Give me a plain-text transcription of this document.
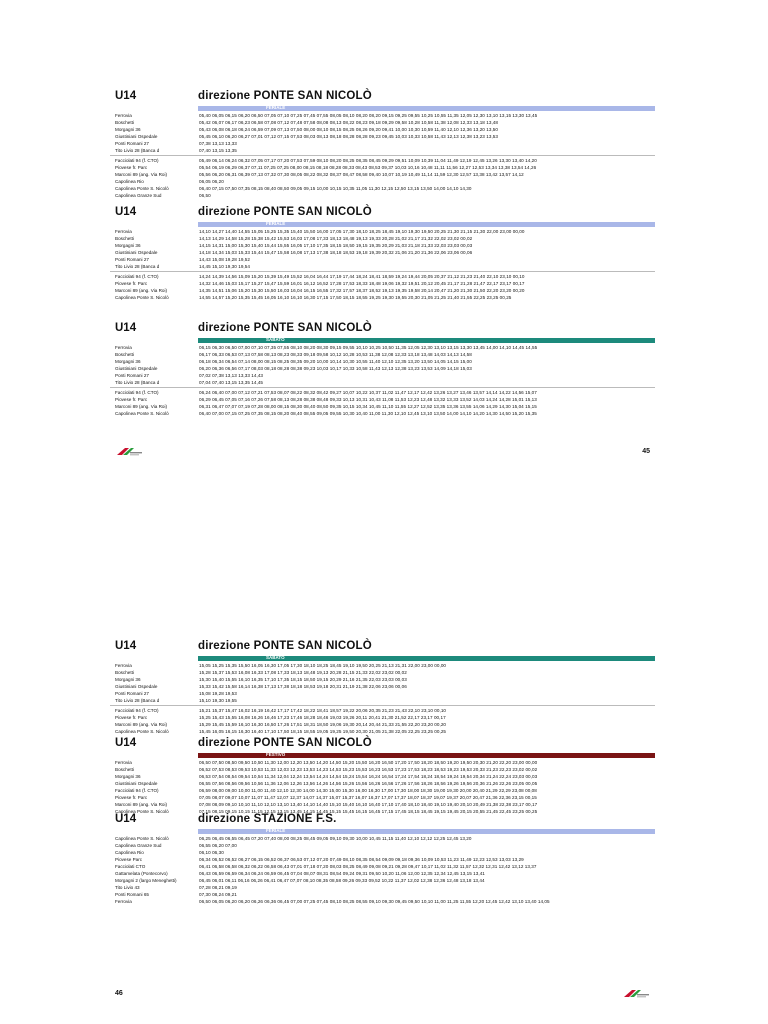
45
U14	direzione PONTE SAN NICOLÒ
FERIALE
Ferrovia	05,40 06,05 06,15 06,20 06,50 07,05 07,10 07,25 07,45 07,55 08,05 08,10 08,20 08,20 09,15 09,25 09,55 10,25 10,55 11,35 12,05 12,30 13,10 13,15 13,30 13,45
Boschetti	05,42 06,07 06,17 06,23 06,58 07,08 07,12 07,48 07,58 08,08 08,13 08,22 08,23 09,18 09,29 09,58 10,28 10,58 11,38 12,08 12,33 13,18 13,48
Morgagni 36	05,43 06,08 06,18 06,24 06,59 07,09 07,13 07,50 08,00 08,10 08,15 08,25 08,26 09,20 09,41 10,00 10,30 10,59 11,40 12,10 12,36 13,20 13,50
Giustiniani Ospedale	05,45 06,10 06,20 06,27 07,01 07,12 07,15 07,53 08,03 08,13 08,18 08,28 08,28 09,23 09,45 10,03 10,33 10,58 11,43 12,13 12,38 13,23 13,53
Ponti Romani 27	07,38 13,13 13,33
Tito Livio 28 (Banca d	07,40 13,15 13,35
Facciolati 94 (f. CTO)	05,49 06,14 06,24 06,32 07,05 07,17 07,20 07,53 07,59 08,10 08,20 08,25 08,35 08,45 09,29 09,51 10,09 10,39 11,04 11,49 12,19 12,45 13,26 13,30 13,40 14,20
Piovese fr. Parc	05,54 06,19 06,29 06,37 07,11 07,25 07,25 08,00 08,15 08,18 08,28 08,33 08,43 08,53 09,37 10,03 10,16 10,48 11,11 11,56 12,27 12,53 13,34 13,38 13,54 14,26
Marconi 89 (ang. Via Roi)	05,56 06,20 06,31 06,39 07,13 07,32 07,30 08,05 08,22 08,32 08,37 08,47 08,58 09,40 10,07 10,19 10,49 11,14 11,59 12,30 12,57 13,38 13,42 13,57 14,12
Capolinea Rio	06,05 06,20
Capolinea Ponte S. Nicolò	06,40 07,15 07,50 07,35 08,15 08,40 08,50 09,05 09,15 10,00 10,15 10,35 11,05 11,30 12,15 12,50 13,15 13,50 14,00 14,10 14,30
Capolinea Granze Sud	06,50
U14	direzione PONTE SAN NICOLÒ
FERIALE
Ferrovia	14,10 14,27 14,40 14,55 15,05 15,25 15,35 15,40 15,50 16,00 17,05 17,30 18,10 18,25 18,45 19,10 19,30 19,50 20,25 21,30 21,15 21,30 22,00 23,00 00,00
Boschetti	14,13 14,29 14,58 15,28 15,38 15,42 15,53 16,03 17,08 17,33 18,13 18,48 19,13 19,33 20,28 21,02 21,17 21,32 22,02 23,02 00,02
Morgagni 36	14,15 14,31 15,00 15,30 15,40 15,44 15,55 16,05 17,10 17,35 18,15 18,50 19,15 19,35 20,29 21,03 21,18 21,33 22,03 23,03 00,03
Giustiniani Ospedale	14,18 14,34 15,03 15,33 15,44 15,47 15,58 16,08 17,13 17,38 18,18 18,53 19,18 19,39 20,32 21,06 21,20 21,36 22,06 23,06 00,06
Ponti Romani 27	14,43 15,08 19,28 19,52
Tito Livio 28 (Banca d	14,45 15,10 19,30 19,54
Facciolati 94 (f. CTO)	14,24 14,39 14,56 15,09 15,20 15,39 15,49 15,52 16,04 16,44 17,19 17,44 18,24 18,41 18,59 19,24 19,44 20,05 20,37 21,12 21,23 21,40 22,10 23,10 00,10
Piovese fr. Parc	14,32 14,46 15,03 15,17 15,27 15,47 15,59 16,01 16,12 16,52 17,28 17,53 18,33 18,48 19,06 19,32 19,51 20,12 20,45 21,17 21,28 21,47 22,17 23,17 00,17
Marconi 89 (ang. Via Roi)	14,35 14,51 15,06 15,20 15,30 15,50 16,03 16,04 16,15 16,55 17,32 17,57 18,37 18,52 19,13 19,35 19,58 20,14 20,47 21,20 21,30 21,50 22,20 23,20 00,20
Capolinea Ponte S. Nicolò	14,55 14,57 15,20 15,35 15,45 16,05 16,10 16,10 16,30 17,15 17,50 18,15 18,55 19,25 19,30 19,55 20,30 21,05 21,25 21,40 21,55 22,25 23,25 00,25
U14	direzione PONTE SAN NICOLÒ
SABATO
Ferrovia	06,15 06,30 06,50 07,00 07,10 07,35 07,55 08,10 08,20 08,30 09,15 09,55 10,10 10,25 10,50 11,35 12,05 12,30 13,10 13,15 13,30 13,45 14,00 14,10 14,45 14,55
Boschetti	06,17 06,33 06,53 07,13 07,58 08,13 08,23 08,33 09,18 09,58 10,12 10,28 10,53 11,38 12,08 12,33 13,18 13,48 14,03 14,13 14,58
Morgagni 36	06,18 06,34 06,54 07,14 08,00 08,15 08,25 08,35 09,20 10,00 10,14 10,30 10,55 11,40 12,10 12,35 13,20 13,50 14,05 14,15 15,00
Giustiniani Ospedale	06,20 06,36 06,56 07,17 08,03 08,18 08,28 08,38 09,23 10,03 10,17 10,33 10,58 11,43 12,13 12,38 13,23 13,53 14,09 14,18 15,03
Ponti Romani 27	07,02 07,38 13,13 13,33 14,43
Tito Livio 28 (Banca d	07,04 07,40 13,15 13,35 14,45
Facciolati 94 (f. CTO)	06,24 06,40 07,00 07,12 07,21 07,53 08,07 08,22 08,32 08,42 09,27 10,07 10,22 10,37 11,02 11,47 12,17 12,42 13,26 13,27 13,46 13,57 14,14 14,22 14,56 15,07
Piovese fr. Parc	06,29 06,45 07,05 07,16 07,26 07,58 08,13 08,28 08,38 08,48 09,33 10,13 10,31 10,43 11,08 11,53 12,23 12,48 13,32 13,33 13,52 14,03 14,24 14,28 15,01 15,13
Marconi 89 (ang. Via Roi)	06,31 06,47 07,07 07,19 07,28 08,00 08,15 08,30 08,40 08,50 09,35 10,15 10,34 10,45 11,10 11,55 12,27 12,52 13,35 13,36 13,55 14,06 14,29 14,30 15,04 15,15
Capolinea Ponte S. Nicolò	06,40 07,00 07,15 07,25 07,35 08,15 08,20 08,40 08,55 09,05 09,55 10,30 10,40 11,00 11,30 12,10 12,45 13,10 13,50 14,00 14,10 14,20 14,30 14,50 15,20 15,35
46
U14	direzione PONTE SAN NICOLÒ
SABATO
Ferrovia	15,05 15,25 15,35 15,50 16,05 16,30 17,05 17,30 18,10 18,25 18,45 19,10 19,50 20,25 21,13 21,31 22,00 23,00 00,00
Boschetti	15,28 15,37 15,53 16,08 16,33 17,08 17,33 18,13 18,48 19,13 20,28 21,15 21,33 22,02 23,02 00,02
Morgagni 36	15,30 15,40 15,55 16,10 16,35 17,10 17,35 18,15 18,50 19,15 20,29 21,16 21,35 22,03 23,03 00,03
Giustiniani Ospedale	15,33 15,42 15,58 16,14 16,38 17,13 17,38 18,18 18,53 19,18 20,31 21,19 21,38 22,06 23,06 00,06
Ponti Romani 27	15,08 19,28 19,53
Tito Livio 28 (Banca d	15,10 19,30 19,55
Facciolati 94 (f. CTO)	15,21 15,37 15,47 16,02 16,19 16,42 17,17 17,42 18,22 18,41 18,57 19,22 20,06 20,35 21,23 21,43 22,10 23,10 00,10
Piovese fr. Parc	15,25 15,43 15,55 16,08 16,26 16,46 17,23 17,46 18,28 18,46 19,03 19,26 20,11 20,41 21,30 21,52 22,17 23,17 00,17
Marconi 89 (ang. Via Roi)	15,29 15,45 15,59 16,10 16,30 16,50 17,26 17,51 18,31 18,50 19,06 19,30 20,14 20,44 21,33 21,55 22,20 23,20 00,20
Capolinea Ponte S. Nicolò	15,45 16,05 16,15 16,30 16,40 17,10 17,50 18,15 18,55 19,05 19,25 19,50 20,30 21,05 21,38 22,05 22,25 23,25 00,25
U14	direzione PONTE SAN NICOLÒ
FESTIVO
Ferrovia	06,50 07,50 08,50 09,50 10,50 11,30 12,00 12,20 13,50 14,20 14,50 15,20 15,50 16,20 16,50 17,20 17,50 18,20 18,50 19,20 19,50 20,30 21,20 22,20 23,00 00,00
Boschetti	06,52 07,53 08,53 09,53 10,53 11,33 12,03 12,23 13,53 14,23 14,53 15,23 15,53 16,23 16,53 17,23 17,53 18,23 18,53 19,23 19,53 20,33 21,23 22,23 23,02 00,02
Morgagni 36	06,53 07,54 08,54 09,54 10,54 11,34 12,04 12,24 13,54 14,24 14,54 15,24 15,54 16,24 16,54 17,24 17,54 18,24 18,54 19,24 19,54 20,34 21,24 22,24 23,03 00,03
Giustiniani Ospedale	06,55 07,56 08,56 09,56 10,56 11,36 12,06 12,26 13,56 14,26 14,56 15,26 15,56 16,26 16,56 17,26 17,56 18,26 18,56 19,26 19,56 20,36 21,26 22,26 23,05 00,05
Facciolati 94 (f. CTO)	06,59 08,00 09,00 10,00 11,00 11,40 12,10 12,30 14,00 14,30 15,00 15,30 16,00 16,30 17,00 17,30 18,00 18,30 19,00 19,30 20,00 20,40 21,29 22,29 23,08 00,08
Piovese fr. Parc	07,05 08,07 09,07 10,07 11,07 11,47 12,07 12,37 14,07 14,37 15,07 15,37 16,07 16,37 17,07 17,37 18,07 18,37 19,07 19,37 20,07 20,47 21,36 22,36 23,15 00,15
Marconi 89 (ang. Via Roi)	07,08 08,09 09,10 10,10 11,10 12,10 13,10 13,40 14,10 14,40 15,10 15,40 16,10 16,40 17,10 17,40 18,10 18,40 19,10 19,40 20,10 20,49 21,38 22,38 23,17 00,17
Capolinea Ponte S. Nicolò	07,15 08,15 09,15 10,15 11,15 12,15 13,15 13,45 14,15 14,45 15,15 15,45 16,15 16,45 17,15 17,45 18,15 18,45 19,15 19,45 20,15 20,55 21,45 22,45 23,25 00,25
U14	direzione STAZIONE F.S.
FERIALE
Capolinea Ponte S. Nicolò	06,25 06,45 06,55 06,45 07,20 07,40 08,00 08,25 08,45 09,05 09,10 09,30 10,00 10,45 11,15 11,40 12,10 12,12 12,25 12,45 13,20
Capolinea Granze Sud	06,55 06,20 07,00
Capolinea Rio	06,10 06,30
Piovese Parc	06,34 06,52 06,52 06,27 06,15 06,52 06,37 06,53 07,12 07,20 07,49 08,10 08,35 08,54 09,09 09,18 09,36 10,09 10,53 11,23 11,49 12,23 12,53 13,03 13,29
Facciolati CTO	06,41 06,58 06,58 06,32 06,22 06,58 06,43 07,01 07,18 07,20 08,03 08,25 08,49 09,08 09,21 09,28 09,47 10,17 11,02 11,32 11,57 12,32 12,31 12,42 13,12 13,37
Gattamelata (Pontecorvo)	06,43 06,59 06,59 06,34 06,24 06,59 06,45 07,04 08,07 08,31 08,54 09,24 09,31 09,50 10,20 11,06 12,00 12,35 12,34 12,45 13,15 13,41
Morgagni 2 (largo Meneghetti)	06,45 06,01 06,11 06,16 06,26 06,41 06,47 07,07 08,10 08,35 08,58 09,26 09,33 09,52 10,22 11,37 12,02 12,38 12,36 12,48 13,18 13,44
Tito Livio 43	07,28 08,21 09,19
Ponti Romani 65	07,30 08,24 09,21
Ferrovia	06,50 06,05 06,20 06,20 06,26 06,36 06,45 07,00 07,25 07,45 08,10 08,25 08,55 09,10 09,30 09,45 09,50 10,10 11,00 11,25 11,55 12,20 12,45 12,42 13,10 13,40 14,05
